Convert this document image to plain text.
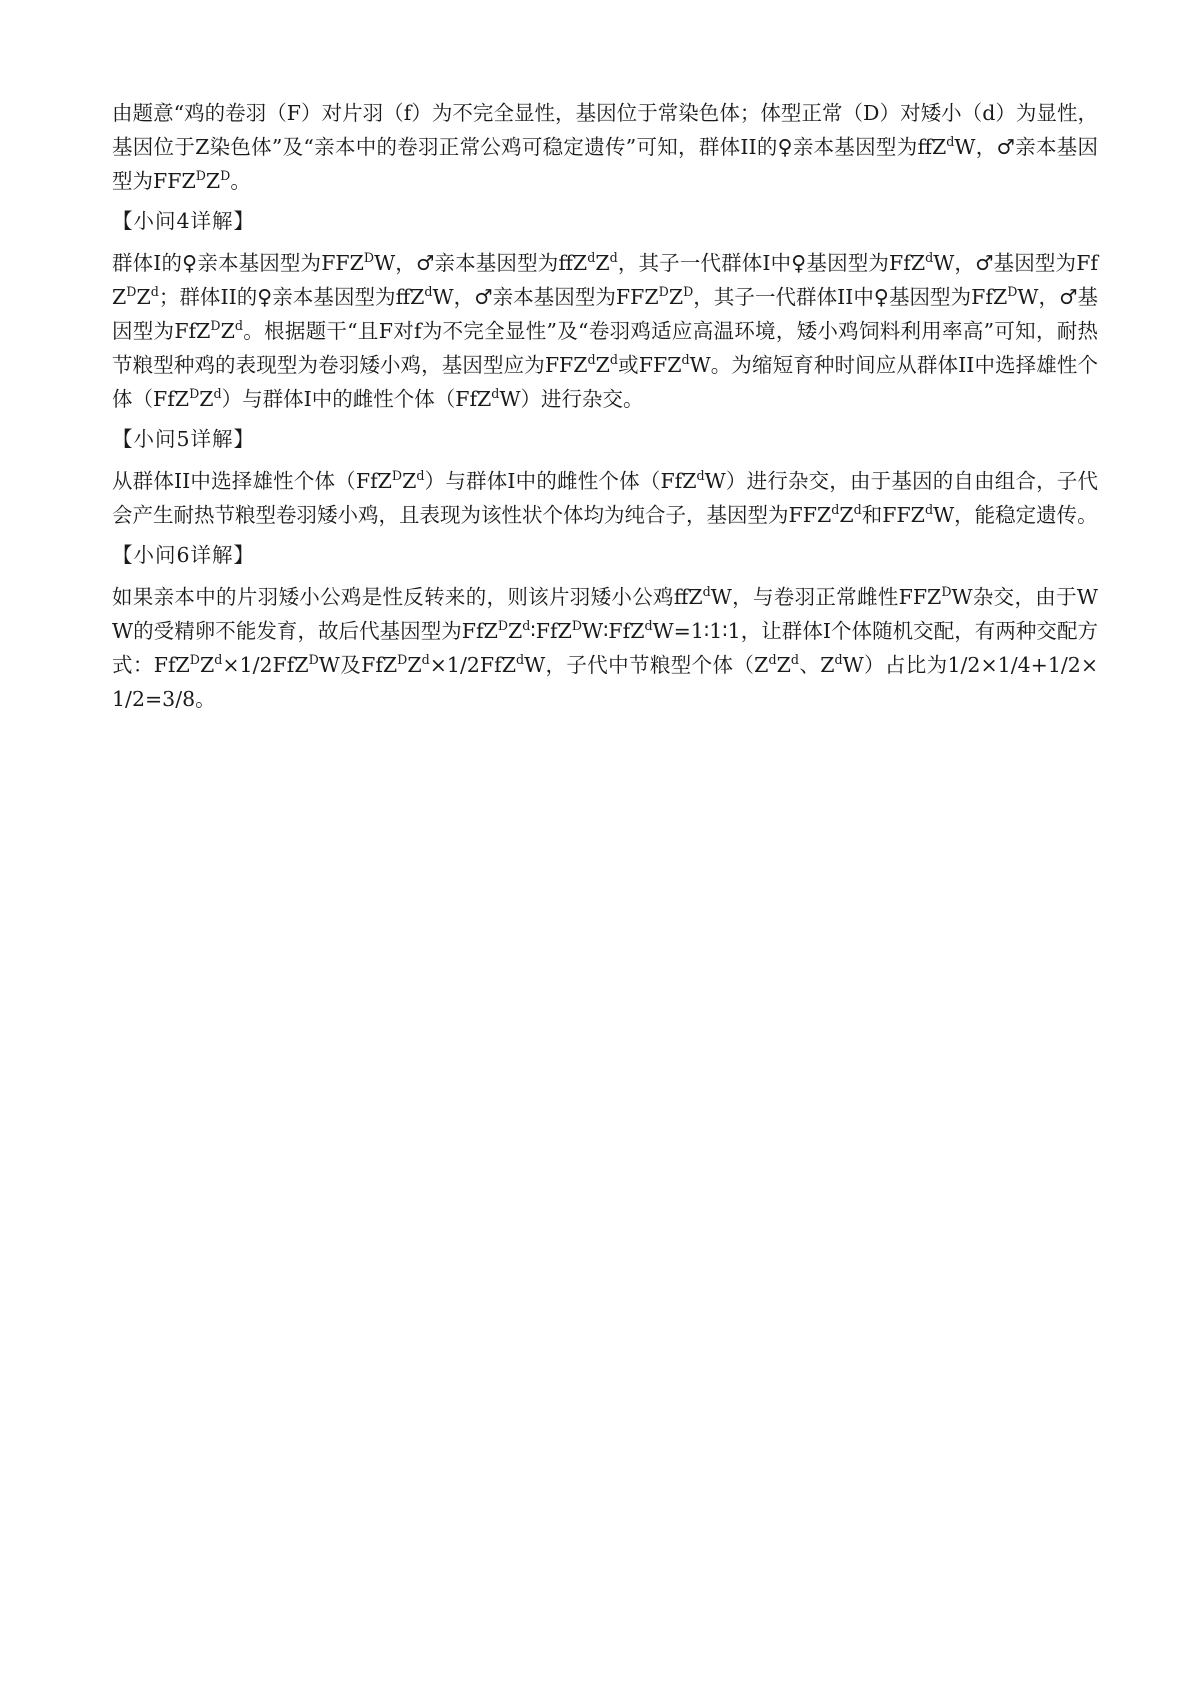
由题意“鸡的卷羽（F）对片羽（f）为不完全显性，基因位于常染色体；体型正常（D）对矮小（d）为显性，基因位于Z染色体”及“亲本中的卷羽正常公鸡可稳定遗传”可知，群体II的♀亲本基因型为ffZ$^d$W，♂亲本基因型为$FFZ^DZ^D$。

【小问4详解】

群体I的♀亲本基因型为$FFZ^DW$，♂亲本基因型为$ffZ^dZ^d$，其子一代群体I中♀基因型为FfZ$^d$W，♂基因型为$FfZ^DZ^d$；群体II的♀亲本基因型为ffZ$^d$W，♂亲本基因型为$FFZ^DZ^D$，其子一代群体II中♀基因型为FfZ$^D$W，♂基因型为$FfZ^DZ^d$。根据题干“且F对f为不完全显性”及“卷羽鸡适应高温环境，矮小鸡饲料利用率高”可知，耐热节粮型种鸡的表现型为卷羽矮小鸡，基因型应为$FFZ^dZ^d$或FFZ$^d$W。为缩短育种时间应从群体II中选择雄性个体$(FfZ^DZ^d)$与群体I中的雌性个体（FfZ$^d$W）进行杂交。

【小问5详解】

从群体II中选择雄性个体$(FfZ^DZ^d)$与群体I中的雌性个体（FfZ$^d$W）进行杂交，由于基因的自由组合，子代会产生耐热节粮型卷羽矮小鸡，且表现为该性状个体均为纯合子，基因型为$FFZ^dZ^d$和FFZ$^d$W，能稳定遗传。

【小问6详解】

如果亲本中的片羽矮小公鸡是性反转来的，则该片羽矮小公鸡ffZ$^d$W，与卷羽正常雌性$FFZ^DW$杂交，由于WW的受精卵不能发育，故后代基因型为$FfZ^DZ^d∶FfZ^DW∶FfZ^dW=1∶1∶1$，让群体I个体随机交配，有两种交配方式：$FfZ^DZ^d\times 1/2FfZ^DW$及$FfZ^DZ^d\times 1/2FfZ^dW$，子代中节粮型个体（$Z^dZ^d$、$Z^dW$）占比为1/2×1/4+1/2×1/2=3/8。
